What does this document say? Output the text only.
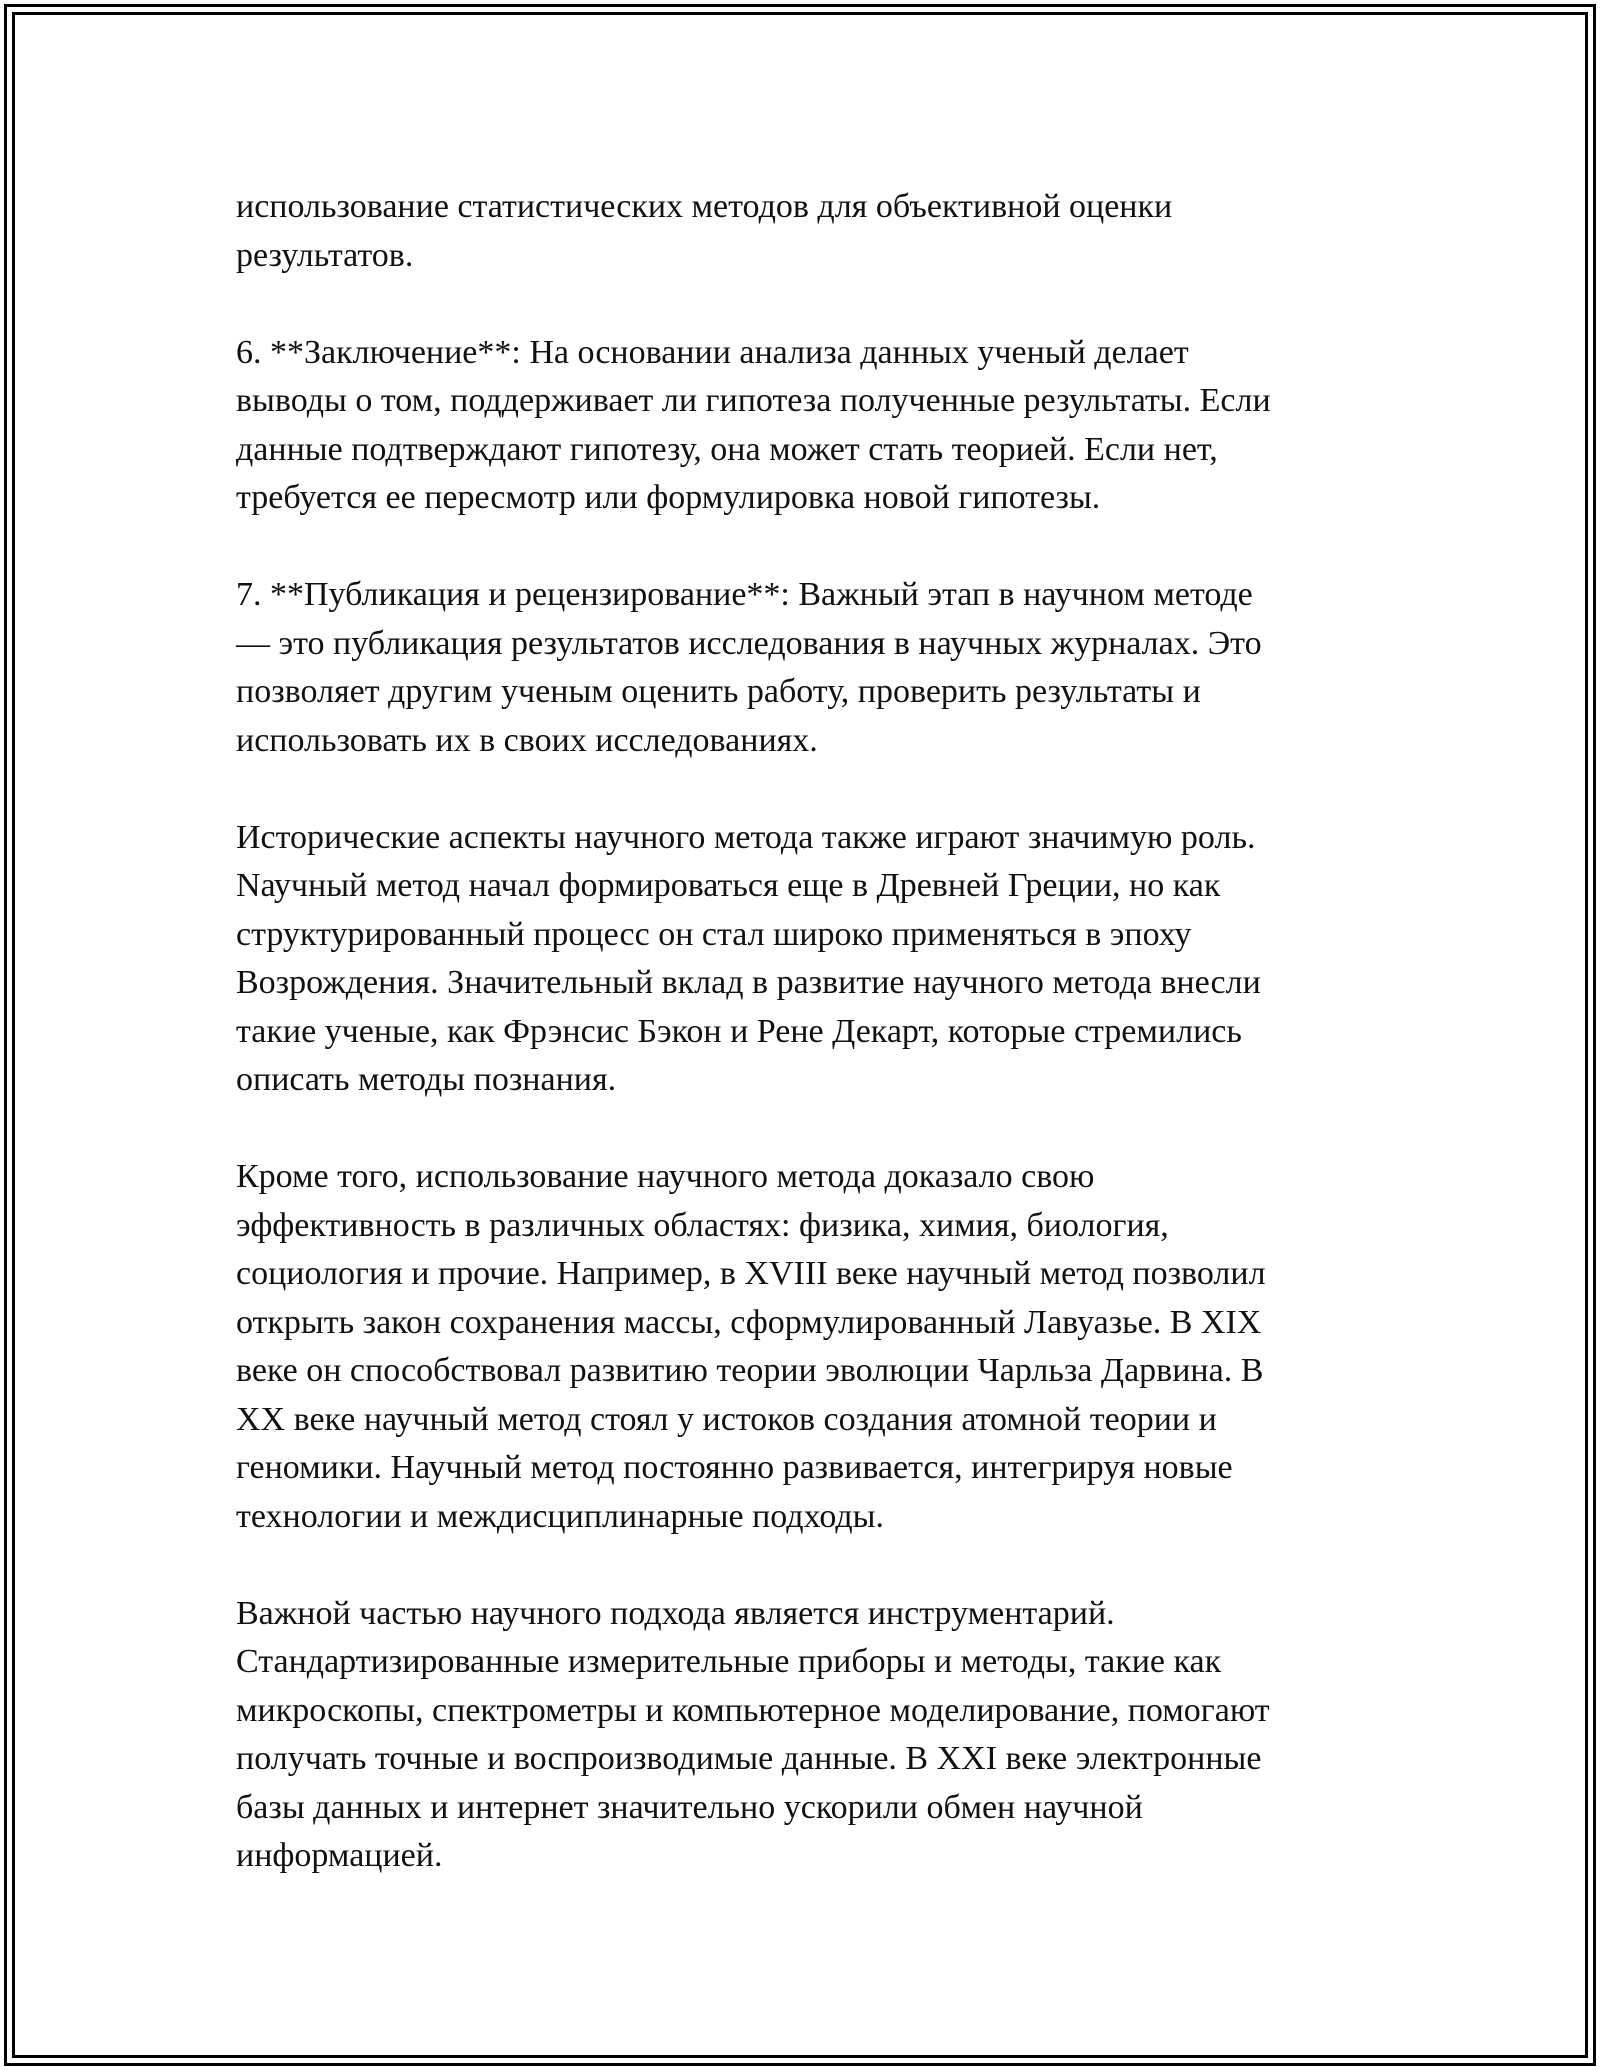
использование статистических методов для объективной оценки
результатов.

6. **Заключение**: На основании анализа данных ученый делает
выводы о том, поддерживает ли гипотеза полученные результаты. Если
данные подтверждают гипотезу, она может стать теорией. Если нет,
требуется ее пересмотр или формулировка новой гипотезы.

7. **Публикация и рецензирование**: Важный этап в научном методе
— это публикация результатов исследования в научных журналах. Это
позволяет другим ученым оценить работу, проверить результаты и
использовать их в своих исследованиях.

Исторические аспекты научного метода также играют значимую роль.
Nаучный метод начал формироваться еще в Древней Греции, но как
структурированный процесс он стал широко применяться в эпоху
Возрождения. Значительный вклад в развитие научного метода внесли
такие ученые, как Фрэнсис Бэкон и Рене Декарт, которые стремились
описать методы познания.

Кроме того, использование научного метода доказало свою
эффективность в различных областях: физика, химия, биология,
социология и прочие. Например, в XVIII веке научный метод позволил
открыть закон сохранения массы, сформулированный Лавуазье. В XIX
веке он способствовал развитию теории эволюции Чарльза Дарвина. В
XX веке научный метод стоял у истоков создания атомной теории и
геномики. Научный метод постоянно развивается, интегрируя новые
технологии и междисциплинарные подходы.

Важной частью научного подхода является инструментарий.
Стандартизированные измерительные приборы и методы, такие как
микроскопы, спектрометры и компьютерное моделирование, помогают
получать точные и воспроизводимые данные. В XXI веке электронные
базы данных и интернет значительно ускорили обмен научной
информацией.
